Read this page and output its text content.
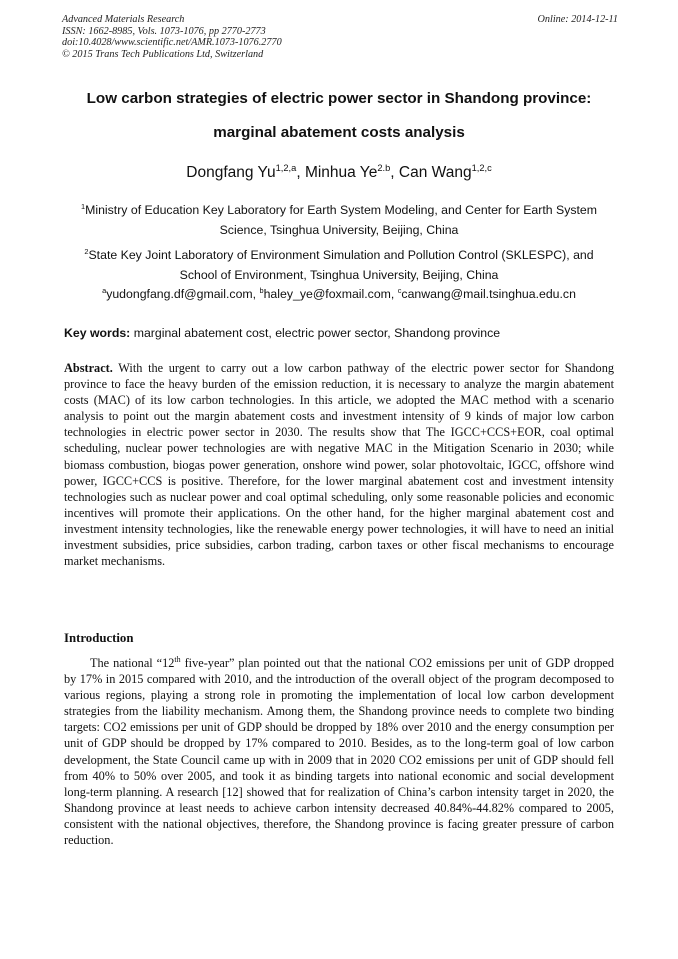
Advanced Materials Research
ISSN: 1662-8985, Vols. 1073-1076, pp 2770-2773
doi:10.4028/www.scientific.net/AMR.1073-1076.2770
© 2015 Trans Tech Publications Ltd, Switzerland
Online: 2014-12-11
Low carbon strategies of electric power sector in Shandong province:
marginal abatement costs analysis
Dongfang Yu$^{1,2,a}$, Minhua $Ye^{2.b}$, Can Wang$^{1,2,c}$
$^1$Ministry of Education Key Laboratory for Earth System Modeling, and Center for Earth System
Science, Tsinghua University, Beijing, China
$^2$State Key Joint Laboratory of Environment Simulation and Pollution Control (SKLESPC), and
School of Environment, Tsinghua University, Beijing, China
$^a$yudongfang.df@gmail.com, $^b$haley_ye@foxmail.com, $^c$canwang@mail.tsinghua.edu.cn
Key words: marginal abatement cost, electric power sector, Shandong province
Abstract. With the urgent to carry out a low carbon pathway of the electric power sector for Shandong province to face the heavy burden of the emission reduction, it is necessary to analyze the margin abatement costs (MAC) of its low carbon technologies. In this article, we adopted the MAC method with a scenario analysis to point out the margin abatement costs and investment intensity of 9 kinds of major low carbon technologies in electric power sector in 2030. The results show that The IGCC+CCS+EOR, coal optimal scheduling, nuclear power technologies are with negative MAC in the Mitigation Scenario in 2030; while biomass combustion, biogas power generation, onshore wind power, solar photovoltaic, IGCC, offshore wind power, IGCC+CCS is positive. Therefore, for the lower marginal abatement cost and investment intensity technologies such as nuclear power and coal optimal scheduling, only some reasonable policies and economic incentives will promote their applications. On the other hand, for the higher marginal abatement cost and investment intensity technologies, like the renewable energy power technologies, it will have to need an initial investment subsidies, price subsidies, carbon trading, carbon taxes or other fiscal mechanisms to encourage market mechanisms.
Introduction
The national “12th five-year” plan pointed out that the national CO2 emissions per unit of GDP dropped by 17% in 2015 compared with 2010, and the introduction of the overall object of the program decomposed to various regions, playing a strong role in promoting the implementation of local low carbon development strategies from the liability mechanism. Among them, the Shandong province needs to complete two binding targets: CO2 emissions per unit of GDP should be dropped by 18% over 2010 and the energy consumption per unit of GDP should be dropped by 17% compared to 2010. Besides, as to the long-term goal of low carbon development, the State Council came up with in 2009 that in 2020 CO2 emissions per unit of GDP should fell from 40% to 50% over 2005, and took it as binding targets into national economic and social development long-term planning. A research [12] showed that for realization of China’s carbon intensity target in 2020, the Shandong province at least needs to achieve carbon intensity decreased 40.84%-44.82% compared to 2005, consistent with the national objectives, therefore, the Shandong province is facing greater pressure of carbon reduction.
